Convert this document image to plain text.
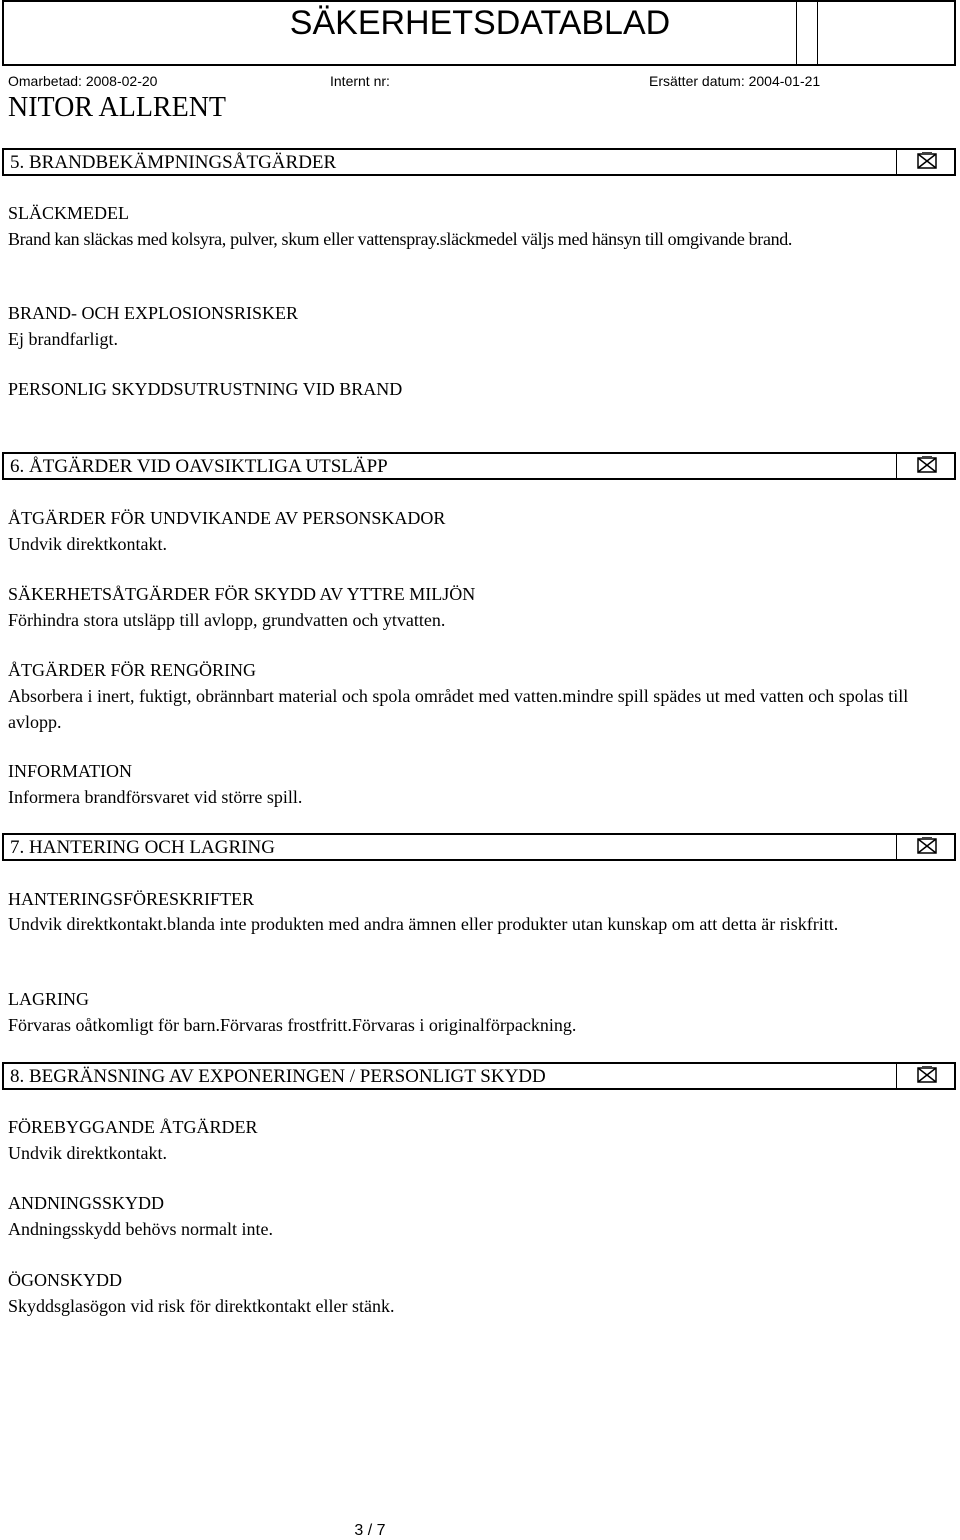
SÄKERHETSDATABLAD
Omarbetad: 2008-02-20	Internt nr:	Ersätter datum: 2004-01-21
NITOR ALLRENT
5. BRANDBEKÄMPNINGSÅTGÄRDER
SLÄCKMEDEL
Brand kan släckas med kolsyra, pulver, skum eller vattenspray.släckmedel väljs med hänsyn till omgivande brand.
BRAND- OCH EXPLOSIONSRISKER
Ej brandfarligt.
PERSONLIG SKYDDSUTRUSTNING VID BRAND
6. ÅTGÄRDER VID OAVSIKTLIGA UTSLÄPP
ÅTGÄRDER FÖR UNDVIKANDE AV PERSONSKADOR
Undvik direktkontakt.
SÄKERHETSÅTGÄRDER FÖR SKYDD AV YTTRE MILJÖN
Förhindra stora utsläpp till avlopp, grundvatten och ytvatten.
ÅTGÄRDER FÖR RENGÖRING
Absorbera i inert, fuktigt, obrännbart material och spola området med vatten.mindre spill spädes ut med vatten och spolas till avlopp.
INFORMATION
Informera brandförsvaret vid större spill.
7. HANTERING OCH LAGRING
HANTERINGSFÖRESKRIFTER
Undvik direktkontakt.blanda inte produkten med andra ämnen eller produkter utan kunskap om att detta är riskfritt.
LAGRING
Förvaras oåtkomligt för barn.Förvaras frostfritt.Förvaras i originalförpackning.
8. BEGRÄNSNING AV EXPONERINGEN / PERSONLIGT SKYDD
FÖREBYGGANDE ÅTGÄRDER
Undvik direktkontakt.
ANDNINGSSKYDD
Andningsskydd behövs normalt inte.
ÖGONSKYDD
Skyddsglasögon vid risk för direktkontakt eller stänk.
3 / 7
